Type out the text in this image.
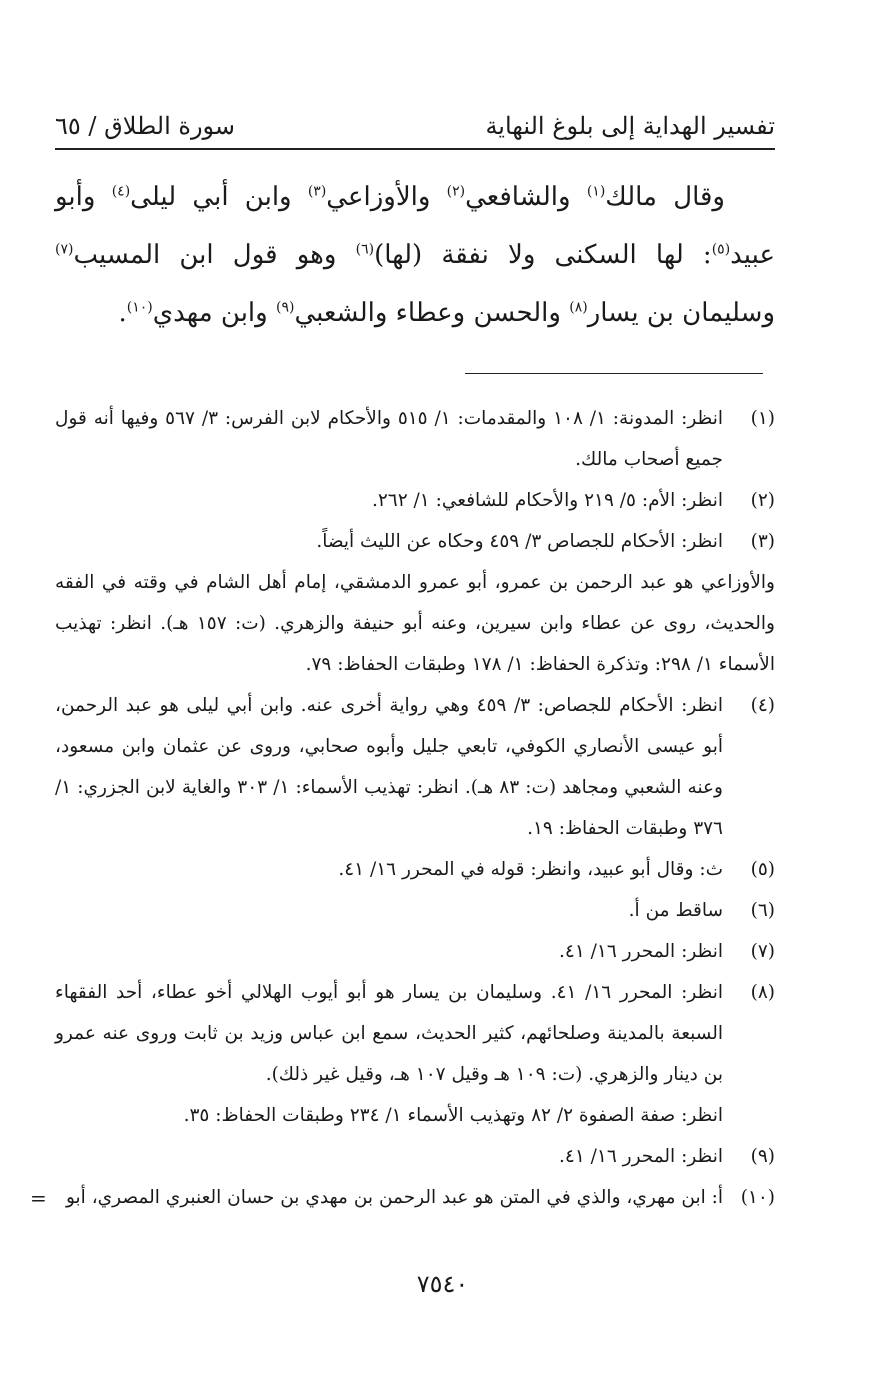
تفسير الهداية إلى بلوغ النهاية
سورة الطلاق / ٦٥
وقال مالك$^{(١)}$ والشافعي$^{(٢)}$ والأوزاعي$^{(٣)}$ وابن أبي ليلى$^{(٤)}$ وأبو عبيد$^{(٥)}$: لها السكنى ولا نفقة (لها)$^{(٦)}$ وهو قول ابن المسيب$^{(٧)}$ وسليمان بن يسار$^{(٨)}$ والحسن وعطاء والشعبي$^{(٩)}$ وابن مهدي$^{(١٠)}$.
(١)
انظر: المدونة: ١/ ١٠٨ والمقدمات: ١/ ٥١٥ والأحكام لابن الفرس: ٣/ ٥٦٧ وفيها أنه قول جميع أصحاب مالك.
(٢)
انظر: الأم: ٥/ ٢١٩ والأحكام للشافعي: ١/ ٢٦٢.
(٣)
انظر: الأحكام للجصاص ٣/ ٤٥٩ وحكاه عن الليث أيضاً.
والأوزاعي هو عبد الرحمن بن عمرو، أبو عمرو الدمشقي، إمام أهل الشام في وقته في الفقه والحديث، روى عن عطاء وابن سيرين، وعنه أبو حنيفة والزهري. (ت: ١٥٧ هـ). انظر: تهذيب الأسماء ١/ ٢٩٨: وتذكرة الحفاظ: ١/ ١٧٨ وطبقات الحفاظ: ٧٩.
(٤)
انظر: الأحكام للجصاص: ٣/ ٤٥٩ وهي رواية أخرى عنه. وابن أبي ليلى هو عبد الرحمن، أبو عيسى الأنصاري الكوفي، تابعي جليل وأبوه صحابي، وروى عن عثمان وابن مسعود، وعنه الشعبي ومجاهد (ت: ٨٣ هـ). انظر: تهذيب الأسماء: ١/ ٣٠٣ والغاية لابن الجزري: ١/ ٣٧٦ وطبقات الحفاظ: ١٩.
(٥)
ث: وقال أبو عبيد، وانظر: قوله في المحرر ١٦/ ٤١.
(٦)
ساقط من أ.
(٧)
انظر: المحرر ١٦/ ٤١.
(٨)
انظر: المحرر ١٦/ ٤١. وسليمان بن يسار هو أبو أيوب الهلالي أخو عطاء، أحد الفقهاء السبعة بالمدينة وصلحائهم، كثير الحديث، سمع ابن عباس وزيد بن ثابت وروى عنه عمرو بن دينار والزهري. (ت: ١٠٩ هـ وقيل ١٠٧ هـ، وقيل غير ذلك).
انظر: صفة الصفوة ٢/ ٨٢ وتهذيب الأسماء ١/ ٢٣٤ وطبقات الحفاظ: ٣٥.
(٩)
انظر: المحرر ١٦/ ٤١.
(١٠)
أ: ابن مهري، والذي في المتن هو عبد الرحمن بن مهدي بن حسان العنبري المصري، أبو
=
٧٥٤٠
